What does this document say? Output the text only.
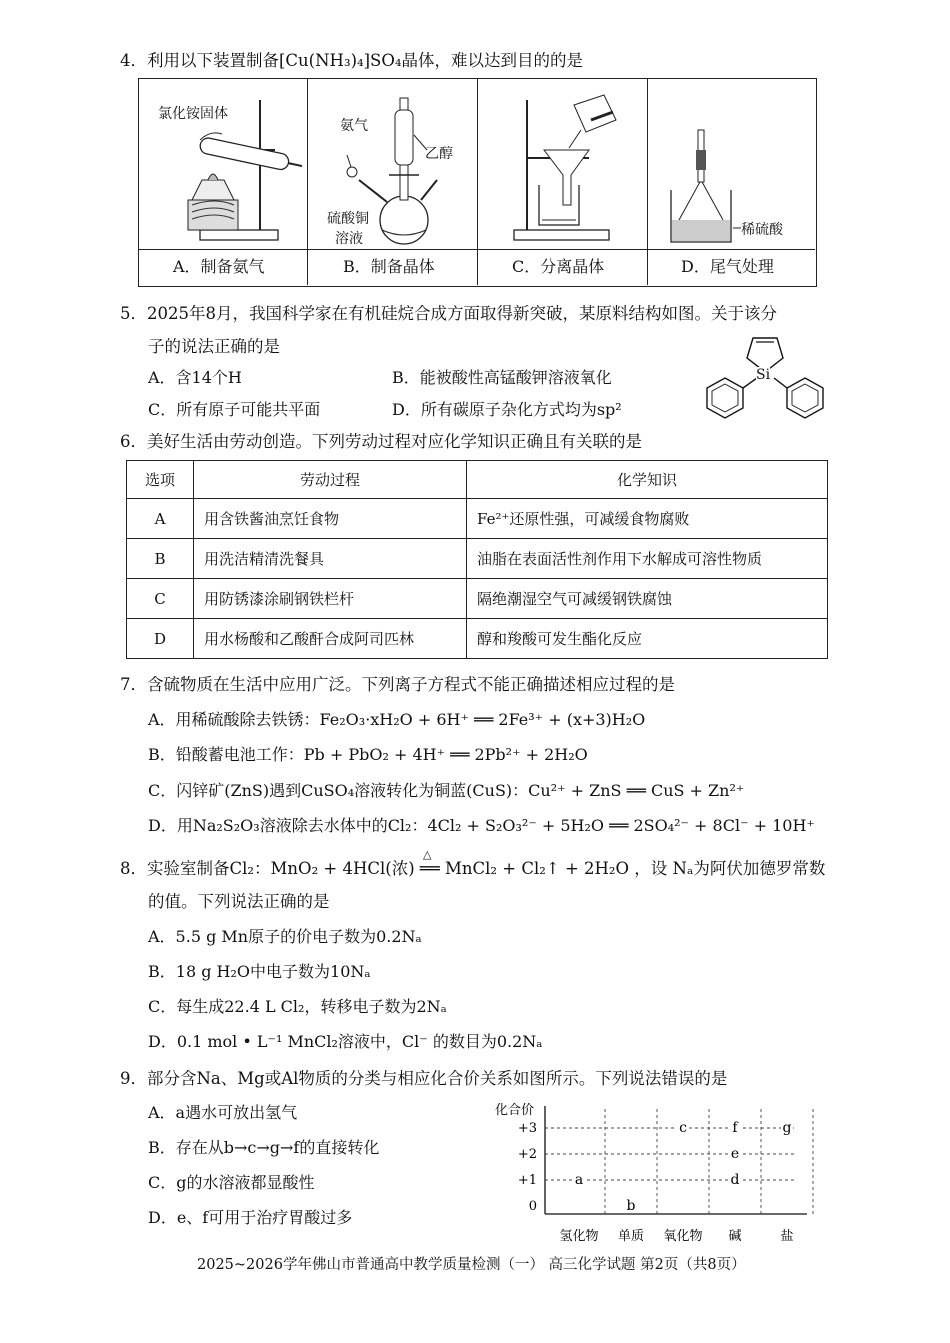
4．利用以下装置制备[Cu(NH₃)₄]SO₄晶体，难以达到目的的是
氯化铵固体
氨气
乙醇
硫酸铜
溶液
稀硫酸
A．制备氨气	B．制备晶体	C．分离晶体	D．尾气处理
5．2025年8月，我国科学家在有机硅烷合成方面取得新突破，某原料结构如图。关于该分
子的说法正确的是
A．含14个H	B．能被酸性高锰酸钾溶液氧化
C．所有原子可能共平面	D．所有碳原子杂化方式均为sp²
Si
6．美好生活由劳动创造。下列劳动过程对应化学知识正确且有关联的是
选项	劳动过程	化学知识
A	用含铁酱油烹饪食物	Fe²⁺还原性强，可减缓食物腐败
B	用洗洁精清洗餐具	油脂在表面活性剂作用下水解成可溶性物质
C	用防锈漆涂刷钢铁栏杆	隔绝潮湿空气可减缓钢铁腐蚀
D	用水杨酸和乙酸酐合成阿司匹林	醇和羧酸可发生酯化反应
7．含硫物质在生活中应用广泛。下列离子方程式不能正确描述相应过程的是
A．用稀硫酸除去铁锈：Fe₂O₃·xH₂O + 6H⁺ ══ 2Fe³⁺ + (x+3)H₂O
B．铅酸蓄电池工作：Pb + PbO₂ + 4H⁺ ══ 2Pb²⁺ + 2H₂O
C．闪锌矿(ZnS)遇到CuSO₄溶液转化为铜蓝(CuS)：Cu²⁺ + ZnS ══ CuS + Zn²⁺
D．用Na₂S₂O₃溶液除去水体中的Cl₂：4Cl₂ + S₂O₃²⁻ + 5H₂O ══ 2SO₄²⁻ + 8Cl⁻ + 10H⁺
△
8．实验室制备Cl₂：MnO₂ + 4HCl(浓) ══ MnCl₂ + Cl₂↑ + 2H₂O ，设 Nₐ为阿伏加德罗常数
的值。下列说法正确的是
A．5.5 g Mn原子的价电子数为0.2Nₐ
B．18 g H₂O中电子数为10Nₐ
C．每生成22.4 L Cl₂，转移电子数为2Nₐ
D．0.1 mol • L⁻¹ MnCl₂溶液中，Cl⁻ 的数目为0.2Nₐ
9．部分含Na、Mg或Al物质的分类与相应化合价关系如图所示。下列说法错误的是
A．a遇水可放出氢气
B．存在从b→c→g→f的直接转化
C．g的水溶液都显酸性
D．e、f可用于治疗胃酸过多
化合价
+3
+2
+1
0
氢化物 单质 氧化物 碱	盐
a
b
c
d
e
f	g
2025~2026学年佛山市普通高中教学质量检测（一） 高三化学试题 第2页（共8页）
